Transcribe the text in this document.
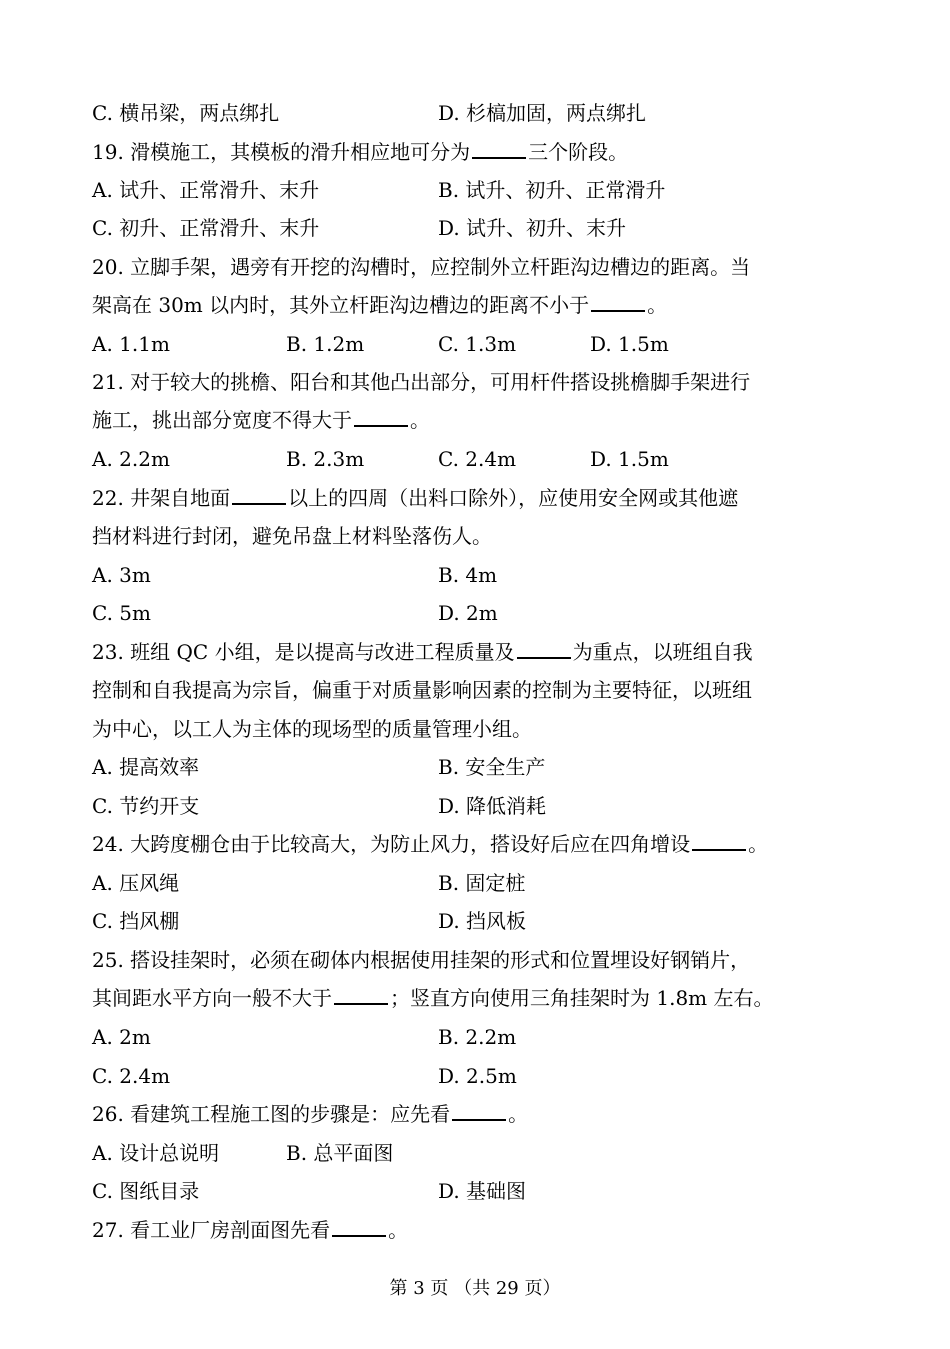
C. 横吊梁，两点绑扎	D. 杉槁加固，两点绑扎
19. 滑模施工，其模板的滑升相应地可分为	三个阶段。
A. 试升、正常滑升、末升	B. 试升、初升、正常滑升
C. 初升、正常滑升、末升	D. 试升、初升、末升
20. 立脚手架，遇旁有开挖的沟槽时，应控制外立杆距沟边槽边的距离。当
架高在 30m 以内时，其外立杆距沟边槽边的距离不小于	。
A. 1.1m	B. 1.2m	C. 1.3m	D. 1.5m
21. 对于较大的挑檐、阳台和其他凸出部分，可用杆件搭设挑檐脚手架进行
施工，挑出部分宽度不得大于	。
A. 2.2m	B. 2.3m	C. 2.4m	D. 1.5m
22. 井架自地面	以上的四周（出料口除外），应使用安全网或其他遮
挡材料进行封闭，避免吊盘上材料坠落伤人。
A. 3m	B. 4m
C. 5m	D. 2m
23. 班组 QC 小组，是以提高与改进工程质量及	为重点，以班组自我
控制和自我提高为宗旨，偏重于对质量影响因素的控制为主要特征，以班组
为中心，以工人为主体的现场型的质量管理小组。
A. 提高效率	B. 安全生产
C. 节约开支	D. 降低消耗
24. 大跨度棚仓由于比较高大，为防止风力，搭设好后应在四角增设	。
A. 压风绳	B. 固定桩
C. 挡风棚	D. 挡风板
25. 搭设挂架时，必须在砌体内根据使用挂架的形式和位置埋设好钢销片，
其间距水平方向一般不大于	；竖直方向使用三角挂架时为 1.8m 左右。
A. 2m	B. 2.2m
C. 2.4m	D. 2.5m
26. 看建筑工程施工图的步骤是：应先看	。
A. 设计总说明	B. 总平面图
C. 图纸目录	D. 基础图
27. 看工业厂房剖面图先看	。
第 3 页 （共 29 页）
